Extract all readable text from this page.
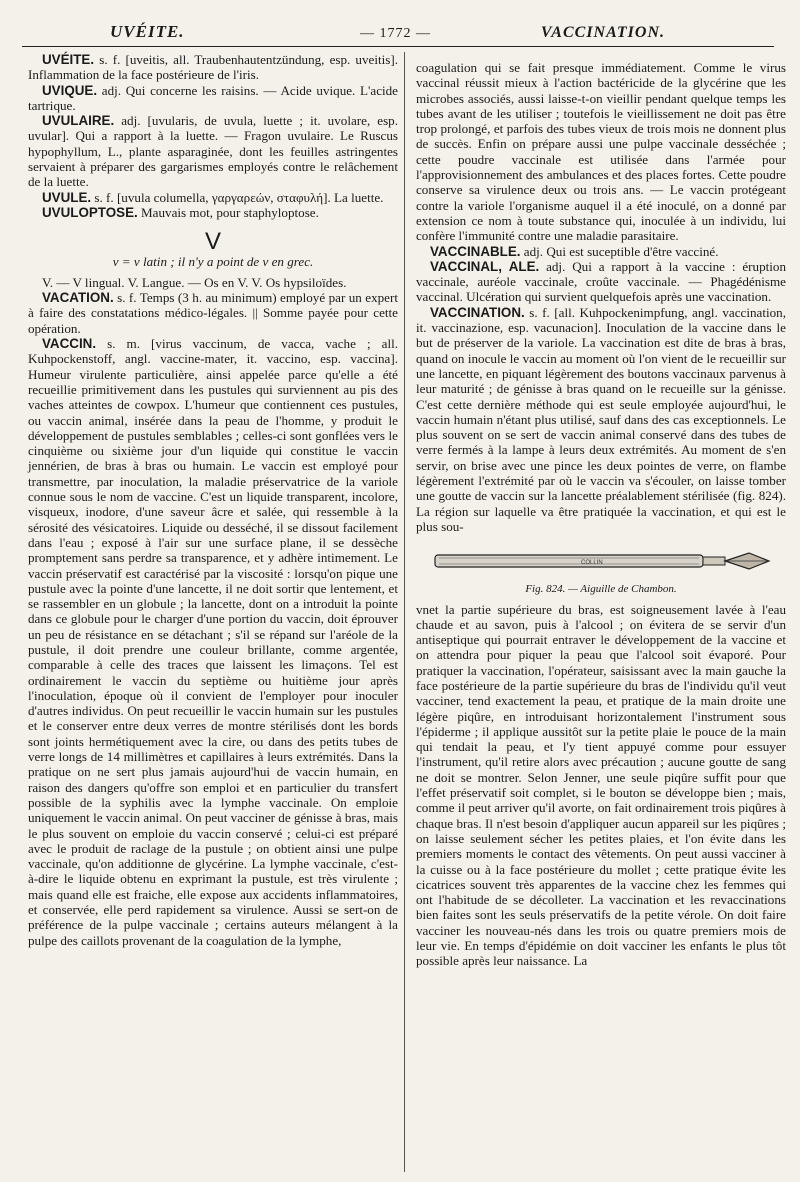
UVÉITE.	— 1772 —	VACCINATION.

UVÉITE. s. f. [uveitis, all. Traubenhautentzündung, esp. uveitis]. Inflammation de la face postérieure de l'iris.

UVIQUE. adj. Qui concerne les raisins. — Acide uvique. L'acide tartrique.

UVULAIRE. adj. [uvularis, de uvula, luette ; it. uvolare, esp. uvular]. Qui a rapport à la luette. — Fragon uvulaire. Le Ruscus hypophyllum, L., plante asparaginée, dont les feuilles astringentes servaient à préparer des gargarismes employés contre le relâchement de la luette.

UVULE. s. f. [uvula columella, γαργαρεών, σταφυλή]. La luette.

UVULOPTOSE. Mauvais mot, pour staphyloptose.

V

v = v latin ; il n'y a point de v en grec.

V. — V lingual. V. Langue. — Os en V. V. Os hypsiloïdes.

VACATION. s. f. Temps (3 h. au minimum) employé par un expert à faire des constatations médico-légales. || Somme payée pour cette opération.

VACCIN. s. m. [virus vaccinum, de vacca, vache ; all. Kuhpockenstoff, angl. vaccine-mater, it. vaccino, esp. vaccina]. Humeur virulente particulière, ainsi appelée parce qu'elle a été recueillie primitivement dans les pustules qui surviennent au pis des vaches atteintes de cowpox. L'humeur que contiennent ces pustules, ou vaccin animal, insérée dans la peau de l'homme, y produit le développement de pustules semblables ; celles-ci sont gonflées vers le cinquième ou sixième jour d'un liquide qui constitue le vaccin jennérien, de bras à bras ou humain. Le vaccin est employé pour transmettre, par inoculation, la maladie préservatrice de la variole connue sous le nom de vaccine. C'est un liquide transparent, incolore, visqueux, inodore, d'une saveur âcre et salée, qui ressemble à la sérosité des vésicatoires. Liquide ou desséché, il se dissout facilement dans l'eau ; exposé à l'air sur une surface plane, il se dessèche promptement sans perdre sa transparence, et y adhère intimement. Le vaccin préservatif est caractérisé par la viscosité : lorsqu'on pique une pustule avec la pointe d'une lancette, il ne doit sortir que lentement, et se rassembler en un globule ; la lancette, dont on a introduit la pointe dans ce globule pour le charger d'une portion du vaccin, doit éprouver un peu de résistance en se détachant ; s'il se répand sur l'aréole de la pustule, il doit prendre une couleur brillante, comme argentée, comparable à celle des traces que laissent les limaçons. Tel est ordinairement le vaccin du septième ou huitième jour après l'inoculation, époque où il convient de l'employer pour inoculer d'autres individus. On peut recueillir le vaccin humain sur les pustules et le conserver entre deux verres de montre stérilisés dont les bords sont joints hermétiquement avec la cire, ou dans des petits tubes de verre longs de 14 millimètres et capillaires à leurs extrémités. Dans la pratique on ne sert plus jamais aujourd'hui de vaccin humain, en raison des dangers qu'offre son emploi et en particulier du transfert possible de la syphilis avec la lymphe vaccinale. On emploie uniquement le vaccin animal. On peut vacciner de génisse à bras, mais le plus souvent on emploie du vaccin conservé ; celui-ci est préparé avec le produit de raclage de la pustule ; on obtient ainsi une pulpe vaccinale, qu'on additionne de glycérine. La lymphe vaccinale, c'est-à-dire le liquide obtenu en exprimant la pustule, est très virulente ; mais quand elle est fraiche, elle expose aux accidents inflammatoires, et conservée, elle perd rapidement sa virulence. Aussi se sert-on de préférence de la pulpe vaccinale ; certains auteurs mélangent à la pulpe des caillots provenant de la coagulation de la lymphe,

coagulation qui se fait presque immédiatement. Comme le virus vaccinal réussit mieux à l'action bactéricide de la glycérine que les microbes associés, aussi laisse-t-on vieillir pendant quelque temps les tubes avant de les utiliser ; toutefois le vieillissement ne doit pas être trop prolongé, et parfois des tubes vieux de trois mois ne donnent plus de succès. Enfin on prépare aussi une pulpe vaccinale desséchée ; cette poudre vaccinale est utilisée dans l'armée pour l'approvisionnement des ambulances et des places fortes. Cette poudre conserve sa virulence deux ou trois ans. — Le vaccin protégeant contre la variole l'organisme auquel il a été inoculé, on a donné par extension ce nom à toute substance qui, inoculée à un individu, lui confère l'immunité contre une maladie parasitaire.

VACCINABLE. adj. Qui est suceptible d'être vacciné.

VACCINAL, ALE. adj. Qui a rapport à la vaccine : éruption vaccinale, auréole vaccinale, croûte vaccinale. — Phagédénisme vaccinal. Ulcération qui survient quelquefois après une vaccination.

VACCINATION. s. f. [all. Kuhpockenimpfung, angl. vaccination, it. vaccinazione, esp. vacunacion]. Inoculation de la vaccine dans le but de préserver de la variole. La vaccination est dite de bras à bras, quand on inocule le vaccin au moment où l'on vient de le recueillir sur une lancette, en piquant légèrement des boutons vaccinaux parvenus à leur maturité ; de génisse à bras quand on le recueille sur la génisse. C'est cette dernière méthode qui est seule employée aujourd'hui, le vaccin humain n'étant plus utilisé, sauf dans des cas exceptionnels. Le plus souvent on se sert de vaccin animal conservé dans des tubes de verre fermés à la lampe à leurs deux extrémités. Au moment de s'en servir, on brise avec une pince les deux pointes de verre, on flambe légèrement l'extrémité par où le vaccin va s'écouler, on laisse tomber une goutte de vaccin sur la lancette préalablement stérilisée (fig. 824). La région sur laquelle va être pratiquée la vaccination, et qui est le plus sou-

COLLIN
Fig. 824. — Aiguille de Chambon.

vnet la partie supérieure du bras, est soigneusement lavée à l'eau chaude et au savon, puis à l'alcool ; on évitera de se servir d'un antiseptique qui pourrait entraver le développement de la vaccine et on attendra pour piquer la peau que l'alcool soit évaporé. Pour pratiquer la vaccination, l'opérateur, saisissant avec la main gauche la face postérieure de la partie supérieure du bras de l'individu qu'il veut vacciner, tend exactement la peau, et pratique de la main droite une légère piqûre, en introduisant horizontalement l'instrument sous l'épiderme ; il applique aussitôt sur la petite plaie le pouce de la main qui tendait la peau, et l'y tient appuyé comme pour essuyer l'instrument, qu'il retire alors avec précaution ; aucune goutte de sang ne doit se montrer. Selon Jenner, une seule piqûre suffit pour que l'effet préservatif soit complet, si le bouton se développe bien ; mais, comme il peut arriver qu'il avorte, on fait ordinairement trois piqûres à chaque bras. Il n'est besoin d'appliquer aucun appareil sur les piqûres ; on laisse seulement sécher les petites plaies, et l'on évite dans les premiers moments le contact des vêtements. On peut aussi vacciner à la cuisse ou à la face postérieure du mollet ; cette pratique évite les cicatrices souvent très apparentes de la vaccine chez les femmes qui ont l'habitude de se décolleter. La vaccination et les revaccinations bien faites sont les seuls préservatifs de la petite vérole. On doit faire vacciner les nouveau-nés dans les trois ou quatre premiers mois de leur vie. En temps d'épidémie on doit vacciner les enfants le plus tôt possible après leur naissance. La
